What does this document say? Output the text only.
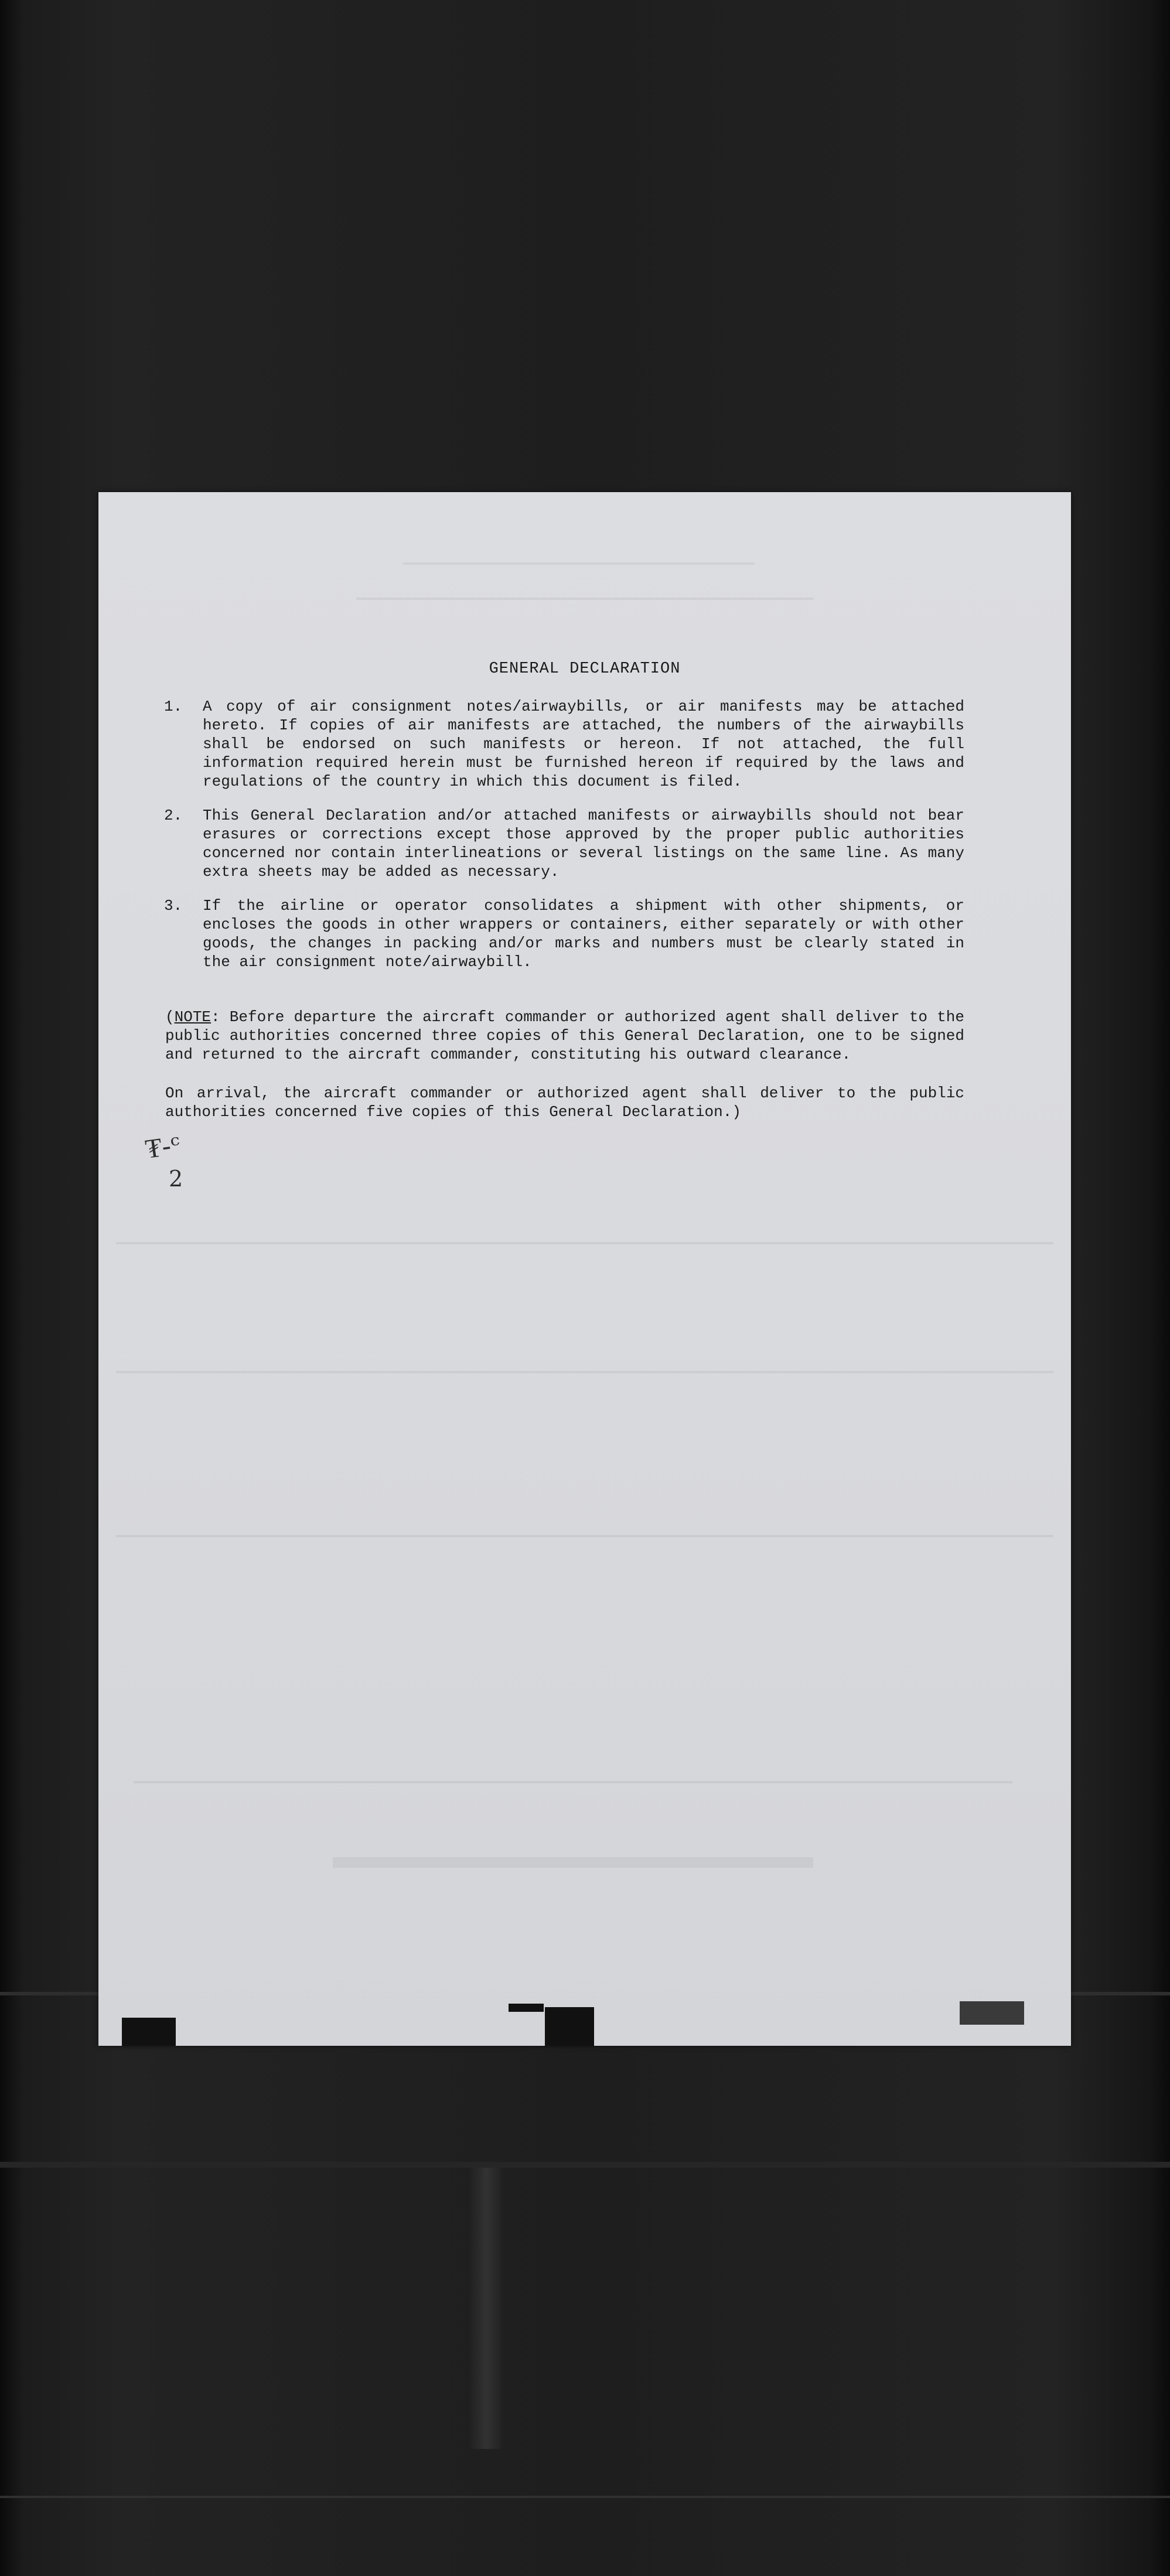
GENERAL DECLARATION
1. A copy of air consignment notes/airwaybills, or air manifests may be attached hereto. If copies of air manifests are attached, the numbers of the airwaybills shall be endorsed on such manifests or hereon. If not attached, the full information required herein must be furnished hereon if required by the laws and regulations of the country in which this document is filed.
2. This General Declaration and/or attached manifests or airwaybills should not bear erasures or corrections except those approved by the proper public authorities concerned nor contain interlineations or several listings on the same line. As many extra sheets may be added as necessary.
3. If the airline or operator consolidates a shipment with other shipments, or encloses the goods in other wrappers or containers, either separately or with other goods, the changes in packing and/or marks and numbers must be clearly stated in the air consignment note/airwaybill.
(NOTE: Before departure the aircraft commander or authorized agent shall deliver to the public authorities concerned three copies of this General Declaration, one to be signed and returned to the aircraft commander, constituting his outward clearance.
On arrival, the aircraft commander or authorized agent shall deliver to the public authorities concerned five copies of this General Declaration.)
₮-ᶜ
2
